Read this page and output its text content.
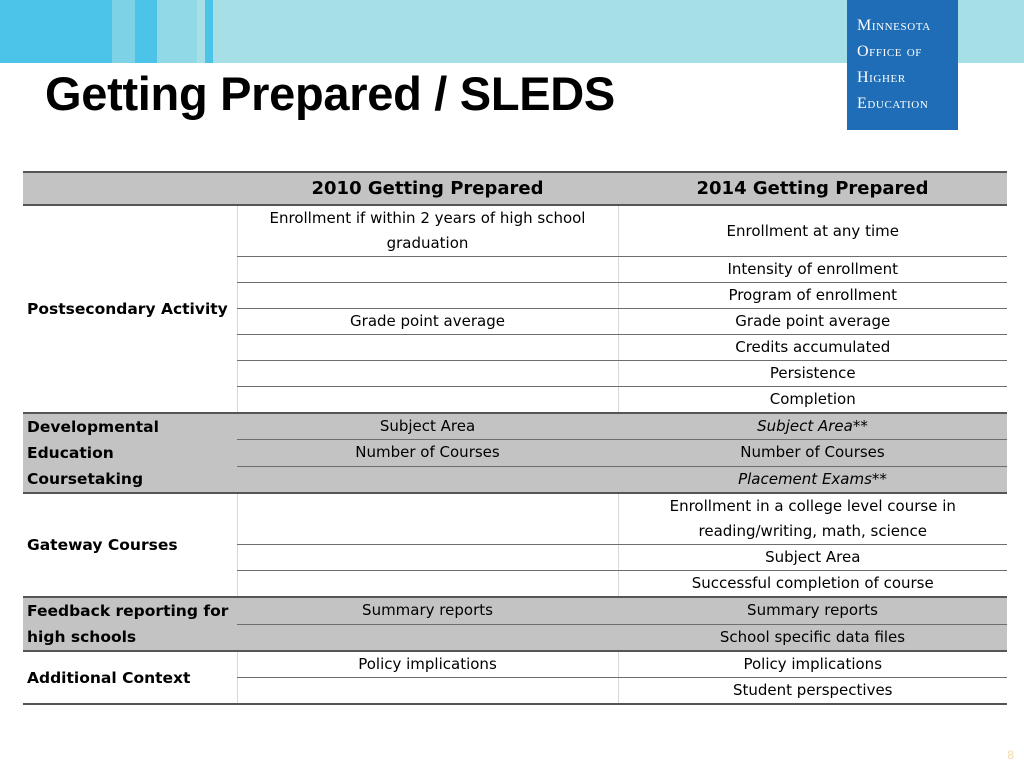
Minnesota
Office of
Higher
Education
Getting Prepared / SLEDS
	2010 Getting Prepared	2014 Getting Prepared
Postsecondary Activity	Enrollment if within 2 years of high school graduation	Enrollment at any time
		Intensity of enrollment
		Program of enrollment
	Grade point average	Grade point average
		Credits accumulated
		Persistence
		Completion
Developmental Education Coursetaking	Subject Area	Subject Area**
	Number of Courses	Number of Courses
		Placement Exams**
Gateway Courses		Enrollment in a college level course in reading/writing, math, science
		Subject Area
		Successful completion of course
Feedback reporting for high schools	Summary reports	Summary reports
		School specific data files
Additional Context	Policy implications	Policy implications
		Student perspectives
8
